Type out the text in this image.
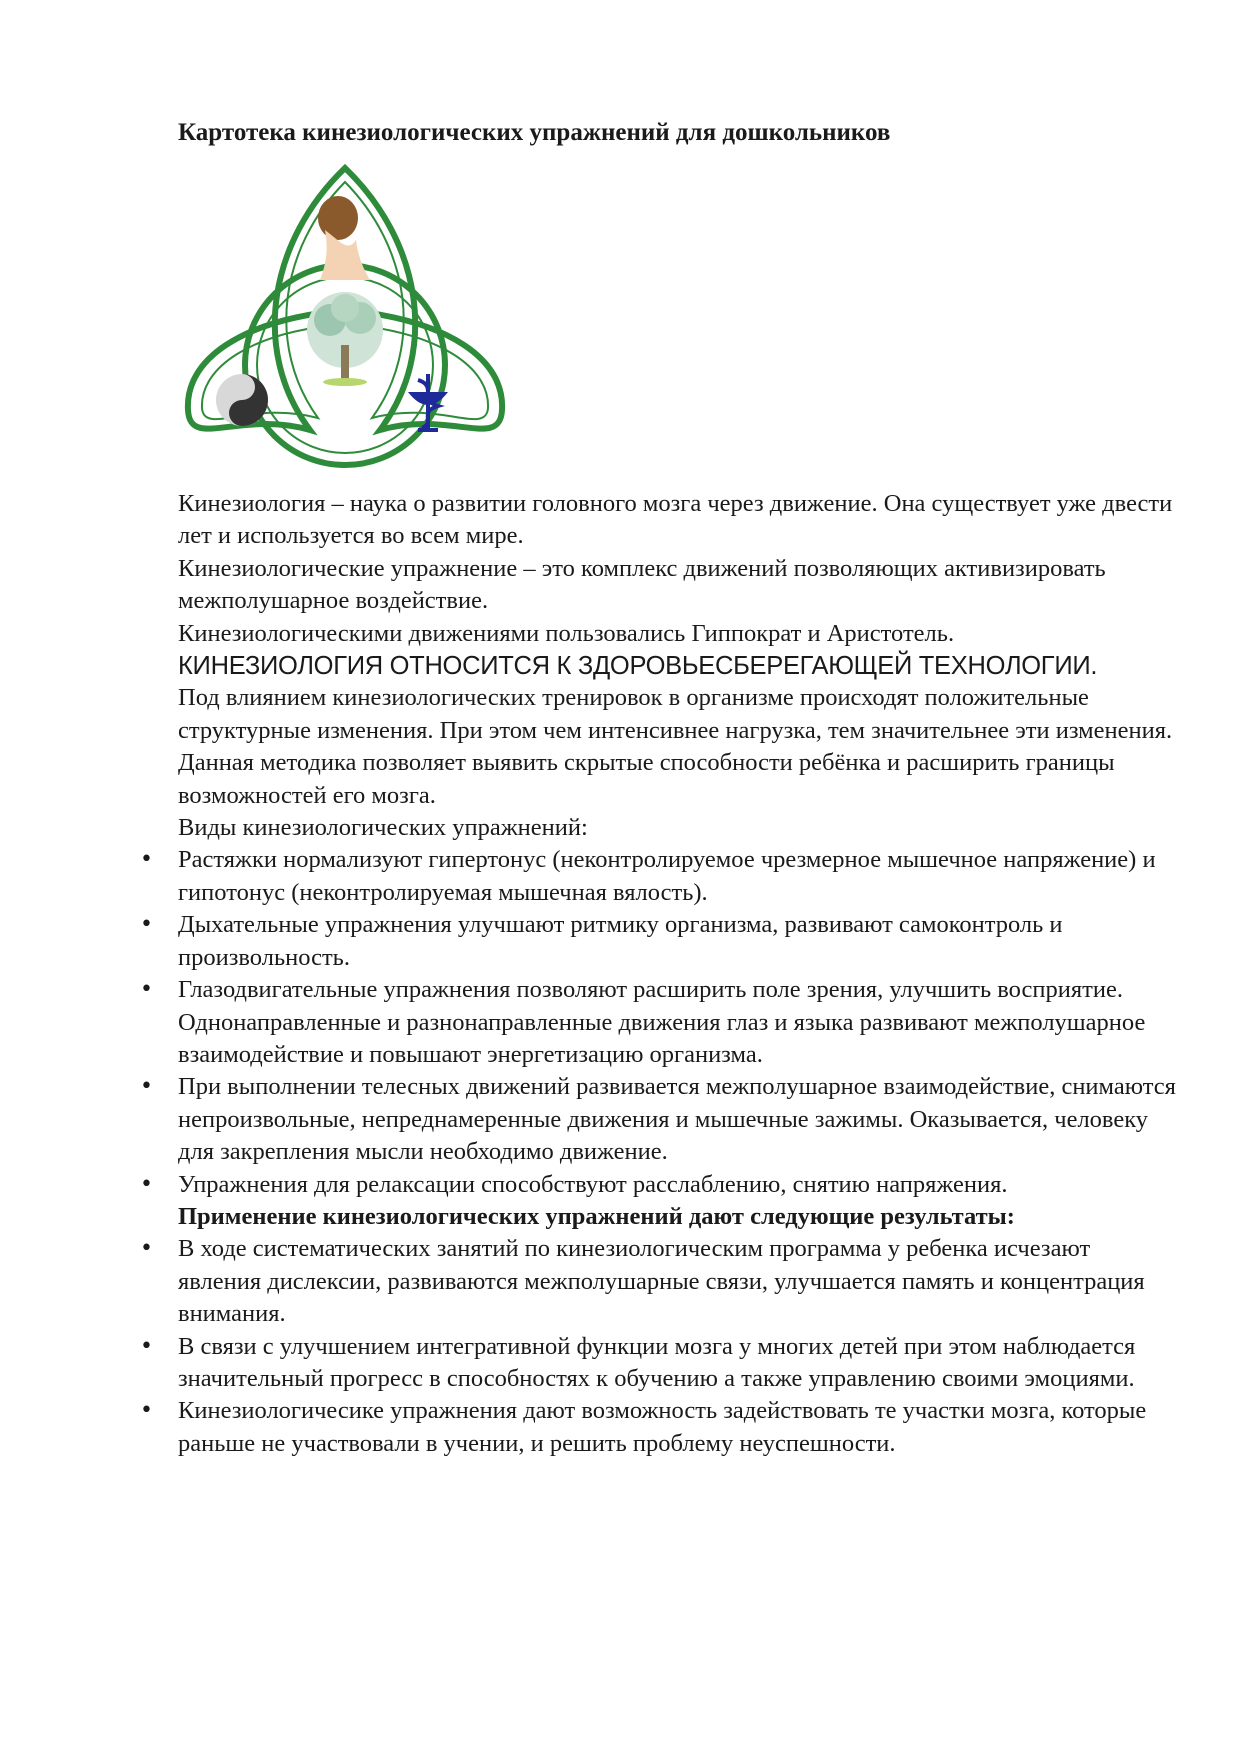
Картотека кинезиологических упражнений для дошкольников

Кинезиология – наука о развитии головного мозга через движение. Она существует уже двести лет и используется во всем мире.

Кинезиологические упражнение – это комплекс движений позволяющих активизировать межполушарное воздействие.

Кинезиологическими движениями пользовались Гиппократ и Аристотель.

КИНЕЗИОЛОГИЯ ОТНОСИТСЯ К ЗДОРОВЬЕСБЕРЕГАЮЩЕЙ ТЕХНОЛОГИИ.

Под влиянием кинезиологических тренировок в организме происходят положительные структурные изменения. При этом чем интенсивнее нагрузка, тем значительнее эти изменения. Данная методика позволяет выявить скрытые способности ребёнка и расширить границы возможностей его мозга.

Виды кинезиологических упражнений:

• Растяжки нормализуют гипертонус (неконтролируемое чрезмерное мышечное напряжение) и гипотонус (неконтролируемая мышечная вялость).
• Дыхательные упражнения улучшают ритмику организма, развивают самоконтроль и произвольность.
• Глазодвигательные упражнения позволяют расширить поле зрения, улучшить восприятие. Однонаправленные и разнонаправленные движения глаз и языка развивают межполушарное взаимодействие и повышают энергетизацию организма.
• При выполнении телесных движений развивается межполушарное взаимодействие, снимаются непроизвольные, непреднамеренные движения и мышечные зажимы. Оказывается, человеку для закрепления мысли необходимо движение.
• Упражнения для релаксации способствуют расслаблению, снятию напряжения.

Применение кинезиологических упражнений дают следующие результаты:

• В ходе систематических занятий по кинезиологическим программа у ребенка исчезают явления дислексии, развиваются межполушарные связи, улучшается память и концентрация внимания.
• В связи с улучшением интегративной функции мозга у многих детей при этом наблюдается значительный прогресс в способностях к обучению а также управлению своими эмоциями.
• Кинезиологичесике упражнения дают возможность задействовать те участки мозга, которые раньше не участвовали в учении, и решить проблему неуспешности.
